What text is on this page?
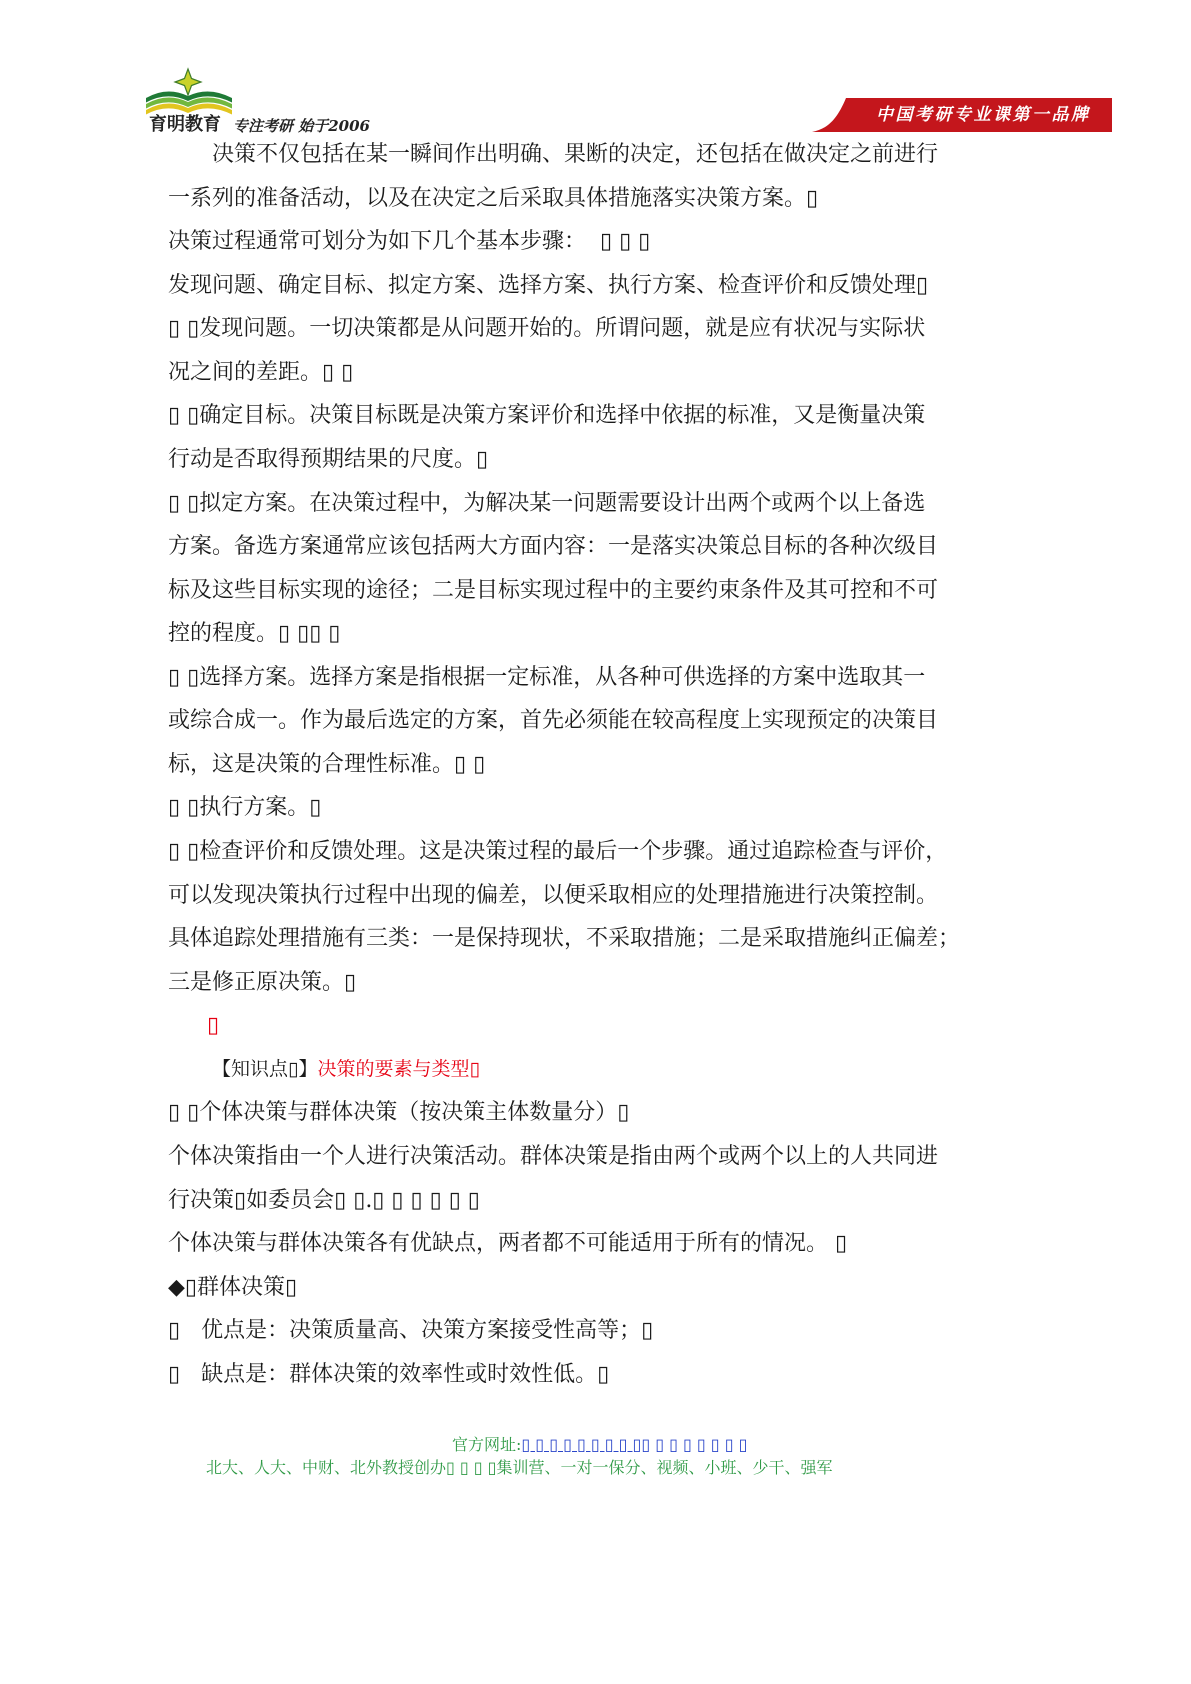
育明教育 专注考研 始于2006
中国考研专业课第一品牌
决策不仅包括在某一瞬间作出明确、果断的决定，还包括在做决定之前进行
一系列的准备活动，以及在决定之后采取具体措施落实决策方案。▯
决策过程通常可划分为如下几个基本步骤：  ▯ ▯ ▯
发现问题、确定目标、拟定方案、选择方案、执行方案、检查评价和反馈处理▯
▯ ▯发现问题。一切决策都是从问题开始的。所谓问题，就是应有状况与实际状
况之间的差距。▯ ▯
▯ ▯确定目标。决策目标既是决策方案评价和选择中依据的标准，又是衡量决策
行动是否取得预期结果的尺度。▯
▯ ▯拟定方案。在决策过程中，为解决某一问题需要设计出两个或两个以上备选
方案。备选方案通常应该包括两大方面内容：一是落实决策总目标的各种次级目
标及这些目标实现的途径；二是目标实现过程中的主要约束条件及其可控和不可
控的程度。▯ ▯▯ ▯
▯ ▯选择方案。选择方案是指根据一定标准，从各种可供选择的方案中选取其一
或综合成一。作为最后选定的方案，首先必须能在较高程度上实现预定的决策目
标，这是决策的合理性标准。▯ ▯
▯ ▯执行方案。▯
▯ ▯检查评价和反馈处理。这是决策过程的最后一个步骤。通过追踪检查与评价，
可以发现决策执行过程中出现的偏差，以便采取相应的处理措施进行决策控制。
具体追踪处理措施有三类：一是保持现状，不采取措施；二是采取措施纠正偏差；
三是修正原决策。▯
▯
【知识点▯】决策的要素与类型▯
▯ ▯个体决策与群体决策（按决策主体数量分）▯
个体决策指由一个人进行决策活动。群体决策是指由两个或两个以上的人共同进
行决策▯如委员会▯ ▯.▯ ▯ ▯ ▯ ▯ ▯
个体决策与群体决策各有优缺点，两者都不可能适用于所有的情况。 ▯
◆▯群体决策▯
▯   优点是：决策质量高、决策方案接受性高等；▯
▯   缺点是：群体决策的效率性或时效性低。▯
官方网址:▯ ▯ ▯ ▯ ▯ ▯ ▯ ▯ ▯▯ ▯ ▯ ▯ ▯ ▯ ▯ ▯
北大、人大、中财、北外教授创办▯ ▯ ▯ ▯集训营、一对一保分、视频、小班、少干、强军
